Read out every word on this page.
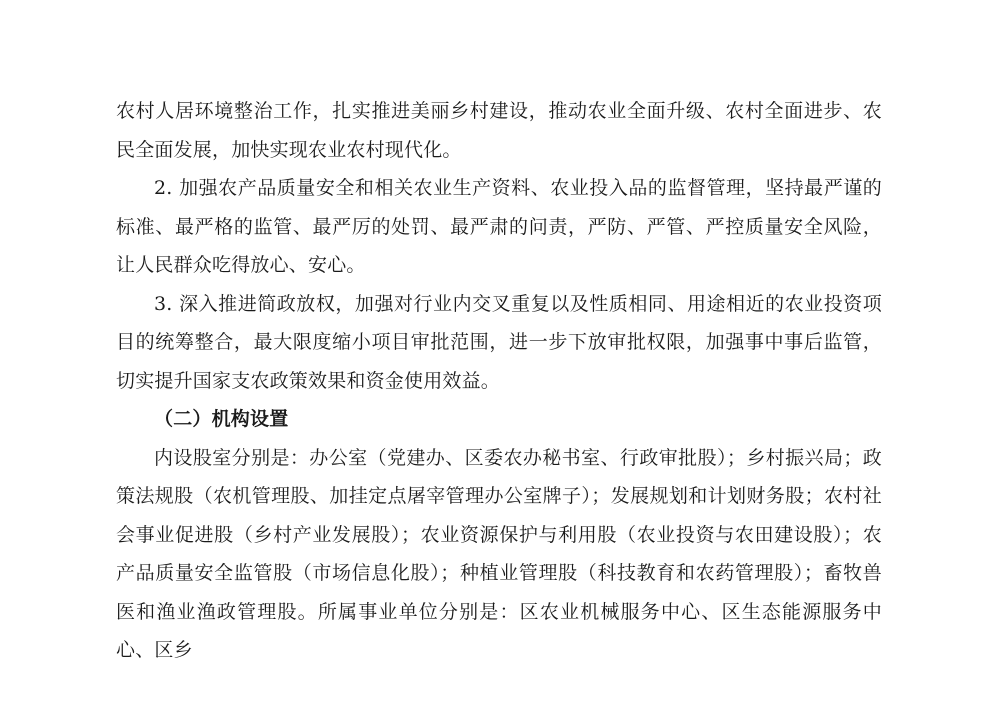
农村人居环境整治工作，扎实推进美丽乡村建设，推动农业全面升级、农村全面进步、农民全面发展，加快实现农业农村现代化。

2. 加强农产品质量安全和相关农业生产资料、农业投入品的监督管理，坚持最严谨的标准、最严格的监管、最严厉的处罚、最严肃的问责，严防、严管、严控质量安全风险，让人民群众吃得放心、安心。

3. 深入推进简政放权，加强对行业内交叉重复以及性质相同、用途相近的农业投资项目的统筹整合，最大限度缩小项目审批范围，进一步下放审批权限，加强事中事后监管，切实提升国家支农政策效果和资金使用效益。

（二）机构设置

内设股室分别是：办公室（党建办、区委农办秘书室、行政审批股）；乡村振兴局；政策法规股（农机管理股、加挂定点屠宰管理办公室牌子）；发展规划和计划财务股；农村社会事业促进股（乡村产业发展股）；农业资源保护与利用股（农业投资与农田建设股）；农产品质量安全监管股（市场信息化股）；种植业管理股（科技教育和农药管理股）；畜牧兽医和渔业渔政管理股。所属事业单位分别是：区农业机械服务中心、区生态能源服务中心、区乡
